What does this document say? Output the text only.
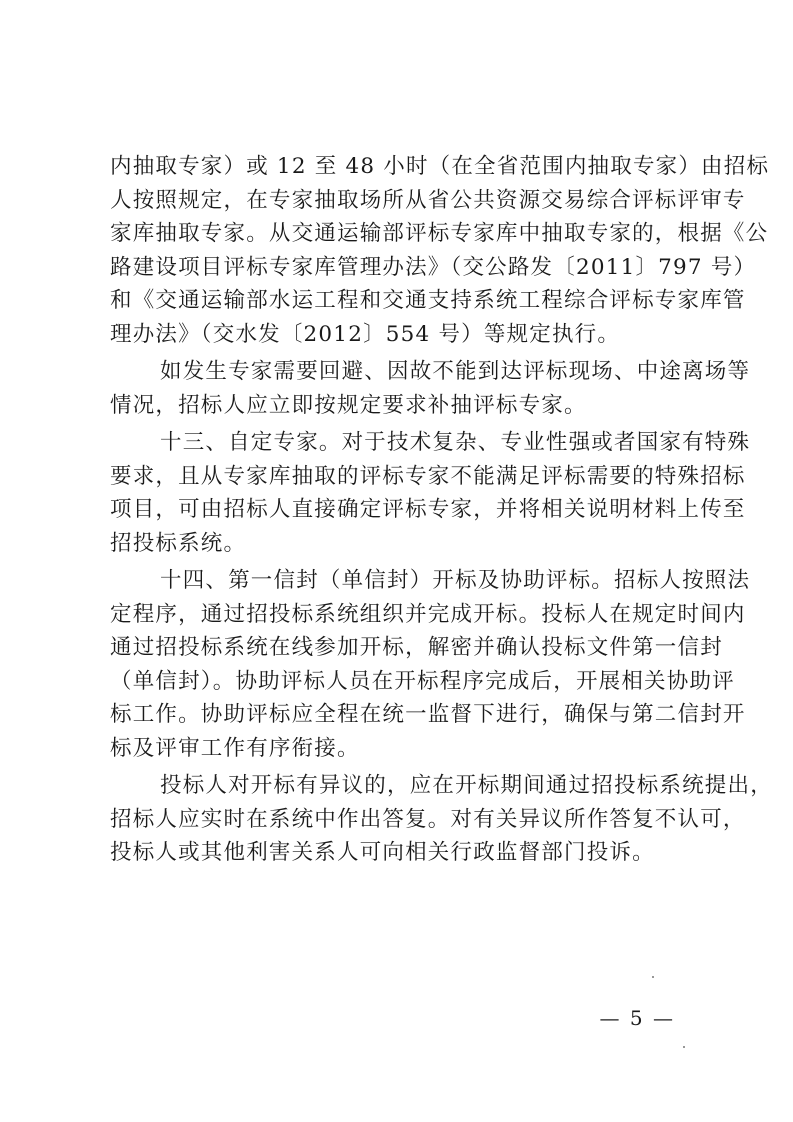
内抽取专家）或 12 至 48 小时（在全省范围内抽取专家）由招标
人按照规定，在专家抽取场所从省公共资源交易综合评标评审专
家库抽取专家。从交通运输部评标专家库中抽取专家的，根据《公
路建设项目评标专家库管理办法》（交公路发〔2011〕797 号）
和《交通运输部水运工程和交通支持系统工程综合评标专家库管
理办法》（交水发〔2012〕554 号）等规定执行。

如发生专家需要回避、因故不能到达评标现场、中途离场等
情况，招标人应立即按规定要求补抽评标专家。

十三、自定专家。对于技术复杂、专业性强或者国家有特殊
要求，且从专家库抽取的评标专家不能满足评标需要的特殊招标
项目，可由招标人直接确定评标专家，并将相关说明材料上传至
招投标系统。

十四、第一信封（单信封）开标及协助评标。招标人按照法
定程序，通过招投标系统组织并完成开标。投标人在规定时间内
通过招投标系统在线参加开标，解密并确认投标文件第一信封
（单信封）。协助评标人员在开标程序完成后，开展相关协助评
标工作。协助评标应全程在统一监督下进行，确保与第二信封开
标及评审工作有序衔接。

投标人对开标有异议的，应在开标期间通过招投标系统提出，
招标人应实时在系统中作出答复。对有关异议所作答复不认可，
投标人或其他利害关系人可向相关行政监督部门投诉。

— 5 —
